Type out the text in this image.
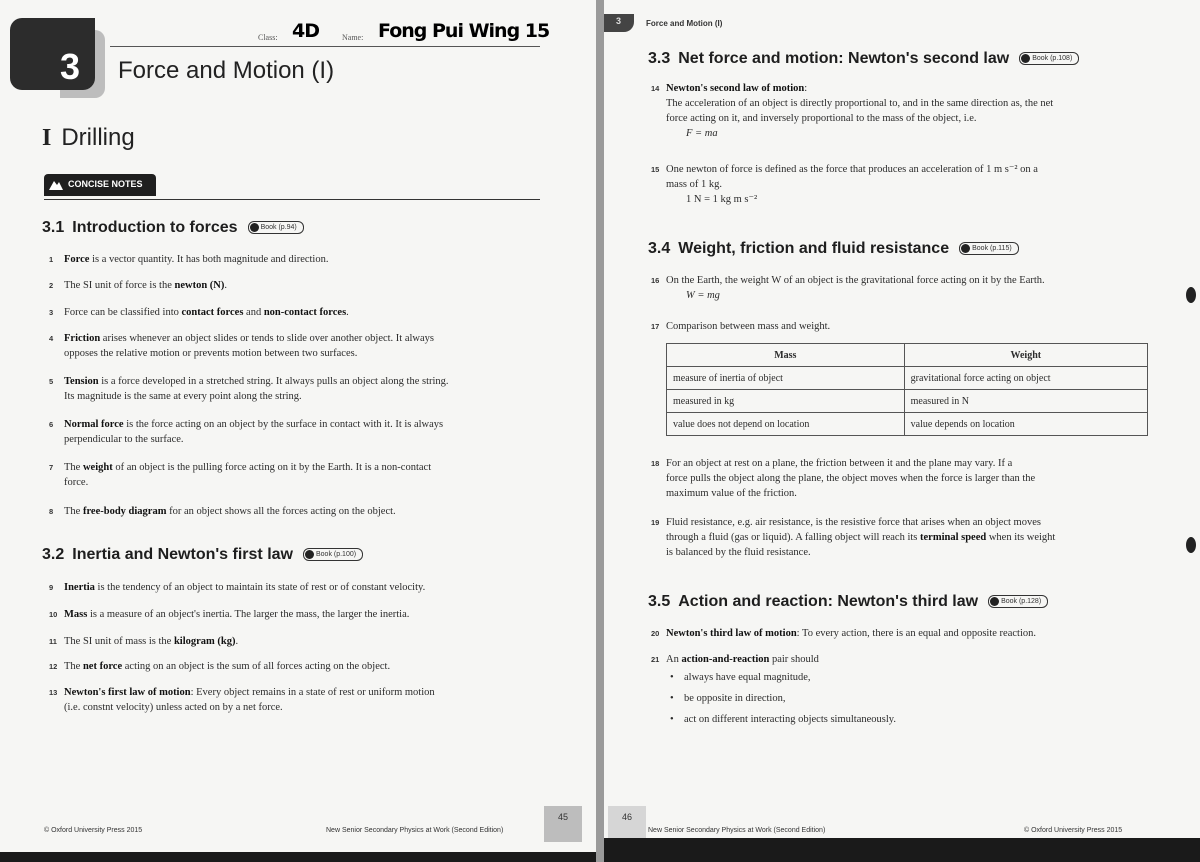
3 Force and Motion (I)
Class: 4D	Name: Fong Pui Wing 15
I Drilling
CONCISE NOTES
3.1 Introduction to forces	Book (p.94)
1 Force is a vector quantity. It has both magnitude and direction.
2 The SI unit of force is the newton (N).
3 Force can be classified into contact forces and non-contact forces.
4 Friction arises whenever an object slides or tends to slide over another object. It always
opposes the relative motion or prevents motion between two surfaces.
5 Tension is a force developed in a stretched string. It always pulls an object along the string.
Its magnitude is the same at every point along the string.
6 Normal force is the force acting on an object by the surface in contact with it. It is always
perpendicular to the surface.
7 The weight of an object is the pulling force acting on it by the Earth. It is a non-contact
force.
8 The free-body diagram for an object shows all the forces acting on the object.
3.2 Inertia and Newton's first law	Book (p.100)
9 Inertia is the tendency of an object to maintain its state of rest or of constant velocity.
10 Mass is a measure of an object's inertia. The larger the mass, the larger the inertia.
11 The SI unit of mass is the kilogram (kg).
12 The net force acting on an object is the sum of all forces acting on the object.
13 Newton's first law of motion: Every object remains in a state of rest or uniform motion
(i.e. constnt velocity) unless acted on by a net force.
© Oxford University Press 2015	New Senior Secondary Physics at Work (Second Edition)
45
3	Force and Motion (I)
3.3 Net force and motion: Newton's second law	Book (p.108)
14 Newton's second law of motion:
The acceleration of an object is directly proportional to, and in the same direction as, the net
force acting on it, and inversely proportional to the mass of the object, i.e.
F = ma
15 One newton of force is defined as the force that produces an acceleration of 1 m s⁻² on a
mass of 1 kg.
1 N = 1 kg m s⁻²
3.4 Weight, friction and fluid resistance	Book (p.115)
16 On the Earth, the weight W of an object is the gravitational force acting on it by the Earth.
W = mg
17 Comparison between mass and weight.
Mass	Weight
measure of inertia of object	gravitational force acting on object
measured in kg	measured in N
value does not depend on location	value depends on location
18 For an object at rest on a plane, the friction between it and the plane may vary. If a
force pulls the object along the plane, the object moves when the force is larger than the
maximum value of the friction.
19 Fluid resistance, e.g. air resistance, is the resistive force that arises when an object moves
through a fluid (gas or liquid). A falling object will reach its terminal speed when its weight
is balanced by the fluid resistance.
3.5 Action and reaction: Newton's third law	Book (p.128)
20 Newton's third law of motion: To every action, there is an equal and opposite reaction.
21 An action-and-reaction pair should
• always have equal magnitude,
• be opposite in direction,
• act on different interacting objects simultaneously.
46
New Senior Secondary Physics at Work (Second Edition)	© Oxford University Press 2015
